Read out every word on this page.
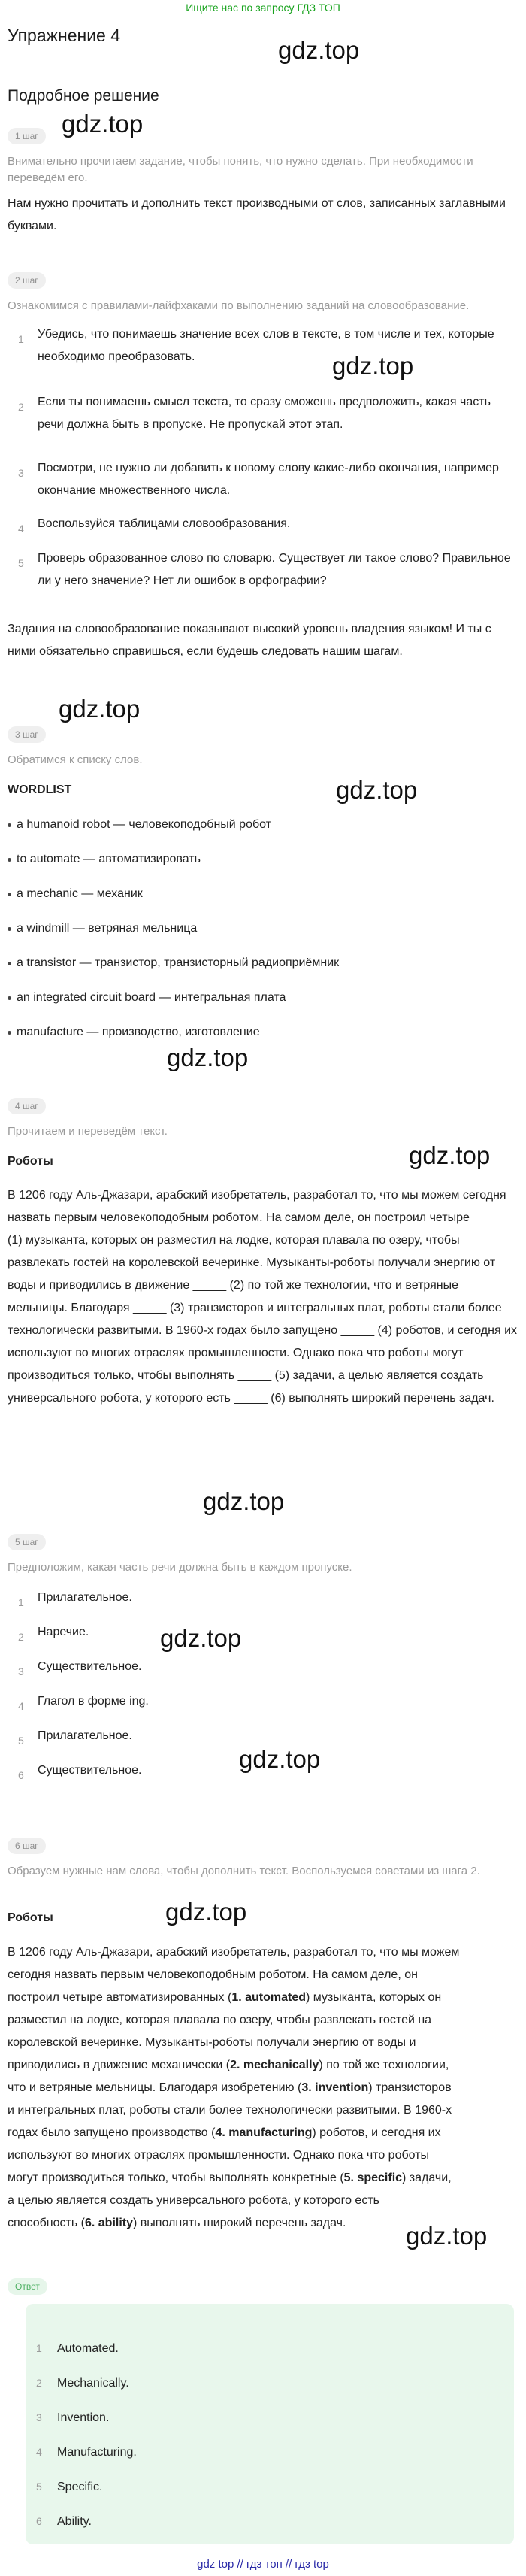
Ищите нас по запросу ГДЗ ТОП
gdz.top
gdz.top
gdz.top
gdz.top
gdz.top
gdz.top
gdz.top
gdz.top
gdz.top
gdz.top
gdz.top
gdz.top
Упражнение 4
Подробное решение
1 шаг
Внимательно прочитаем задание, чтобы понять, что нужно сделать. При необходимости переведём его.
Нам нужно прочитать и дополнить текст производными от слов, записанных заглавными буквами.
2 шаг
Ознакомимся с правилами-лайфхаками по выполнению заданий на словообразование.
1	Убедись, что понимаешь значение всех слов в тексте, в том числе и тех, которые необходимо преобразовать.
2	Если ты понимаешь смысл текста, то сразу сможешь предположить, какая часть речи должна быть в пропуске. Не пропускай этот этап.
3	Посмотри, не нужно ли добавить к новому слову какие-либо окончания, например окончание множественного числа.
4	Воспользуйся таблицами словообразования.
5	Проверь образованное слово по словарю. Существует ли такое слово? Правильное ли у него значение? Нет ли ошибок в орфографии?
Задания на словообразование показывают высокий уровень владения языком! И ты с ними обязательно справишься, если будешь следовать нашим шагам.
3 шаг
Обратимся к списку слов.
WORDLIST
a humanoid robot — человекоподобный робот
to automate — автоматизировать
a mechanic — механик
a windmill — ветряная мельница
a transistor — транзистор, транзисторный радиоприёмник
an integrated circuit board — интегральная плата
manufacture — производство, изготовление
4 шаг
Прочитаем и переведём текст.
Роботы
В 1206 году Аль-Джазари, арабский изобретатель, разработал то, что мы можем сегодня назвать первым человекоподобным роботом. На самом деле, он построил четыре _____ (1) музыканта, которых он разместил на лодке, которая плавала по озеру, чтобы развлекать гостей на королевской вечеринке. Музыканты-роботы получали энергию от воды и приводились в движение _____ (2) по той же технологии, что и ветряные мельницы. Благодаря _____ (3) транзисторов и интегральных плат, роботы стали более технологически развитыми. В 1960-х годах было запущено _____ (4) роботов, и сегодня их используют во многих отраслях промышленности. Однако пока что роботы могут производиться только, чтобы выполнять _____ (5) задачи, а целью является создать универсального робота, у которого есть _____ (6) выполнять широкий перечень задач.
5 шаг
Предположим, какая часть речи должна быть в каждом пропуске.
1	Прилагательное.
2	Наречие.
3	Существительное.
4	Глагол в форме ing.
5	Прилагательное.
6	Существительное.
6 шаг
Образуем нужные нам слова, чтобы дополнить текст. Воспользуемся советами из шага 2.
Роботы
В 1206 году Аль-Джазари, арабский изобретатель, разработал то, что мы можем
сегодня назвать первым человекоподобным роботом. На самом деле, он
построил четыре автоматизированных (1. automated) музыканта, которых он
разместил на лодке, которая плавала по озеру, чтобы развлекать гостей на
королевской вечеринке. Музыканты-роботы получали энергию от воды и
приводились в движение механически (2. mechanically) по той же технологии,
что и ветряные мельницы. Благодаря изобретению (3. invention) транзисторов
и интегральных плат, роботы стали более технологически развитыми. В 1960-х
годах было запущено производство (4. manufacturing) роботов, и сегодня их
используют во многих отраслях промышленности. Однако пока что роботы
могут производиться только, чтобы выполнять конкретные (5. specific) задачи,
а целью является создать универсального робота, у которого есть
способность (6. ability) выполнять широкий перечень задач.
Ответ
1 Automated.
2 Mechanically.
3 Invention.
4 Manufacturing.
5 Specific.
6 Ability.
gdz top // гдз топ // гдз top
